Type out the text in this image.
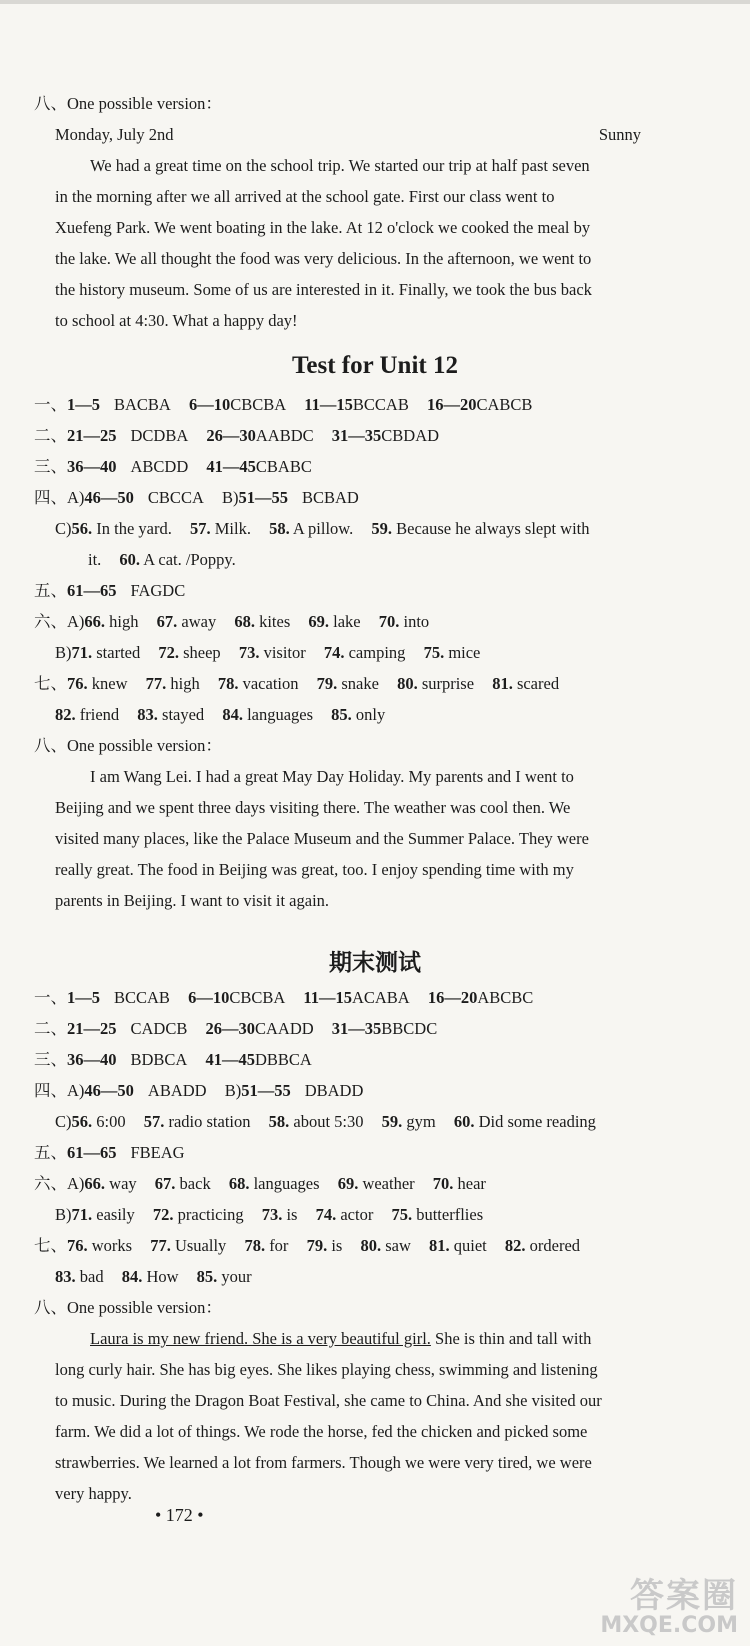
八、One possible version：
Monday, July 2nd	Sunny
We had a great time on the school trip. We started our trip at half past seven
in the morning after we all arrived at the school gate. First our class went to
Xuefeng Park. We went boating in the lake. At 12 o'clock we cooked the meal by
the lake. We all thought the food was very delicious. In the afternoon, we went to
the history museum. Some of us are interested in it. Finally, we took the bus back
to school at 4:30. What a happy day!
Test for Unit 12
一、1—5 BACBA 6—10CBCBA 11—15BCCAB 16—20CABCB
二、21—25 DCDBA 26—30AABDC 31—35CBDAD
三、36—40 ABCDD 41—45CBABC
四、A)46—50 CBCCA B)51—55 BCBAD
C)56. In the yard. 57. Milk. 58. A pillow. 59. Because he always slept with
it. 60. A cat. /Poppy.
五、61—65 FAGDC
六、A)66. high 67. away 68. kites 69. lake 70. into
B)71. started 72. sheep 73. visitor 74. camping 75. mice
七、76. knew 77. high 78. vacation 79. snake 80. surprise 81. scared
82. friend 83. stayed 84. languages 85. only
八、One possible version：
I am Wang Lei. I had a great May Day Holiday. My parents and I went to
Beijing and we spent three days visiting there. The weather was cool then. We
visited many places, like the Palace Museum and the Summer Palace. They were
really great. The food in Beijing was great, too. I enjoy spending time with my
parents in Beijing. I want to visit it again.
期末测试
一、1—5 BCCAB 6—10CBCBA 11—15ACABA 16—20ABCBC
二、21—25 CADCB 26—30CAADD 31—35BBCDC
三、36—40 BDBCA 41—45DBBCA
四、A)46—50 ABADD B)51—55 DBADD
C)56. 6:00 57. radio station 58. about 5:30 59. gym 60. Did some reading
五、61—65 FBEAG
六、A)66. way 67. back 68. languages 69. weather 70. hear
B)71. easily 72. practicing 73. is 74. actor 75. butterflies
七、76. works 77. Usually 78. for 79. is 80. saw 81. quiet 82. ordered
83. bad 84. How 85. your
八、One possible version：
Laura is my new friend. She is a very beautiful girl. She is thin and tall with
long curly hair. She has big eyes. She likes playing chess, swimming and listening
to music. During the Dragon Boat Festival, she came to China. And she visited our
farm. We did a lot of things. We rode the horse, fed the chicken and picked some
strawberries. We learned a lot from farmers. Though we were very tired, we were
very happy.
• 172 •
答案圈
MXQE.COM
